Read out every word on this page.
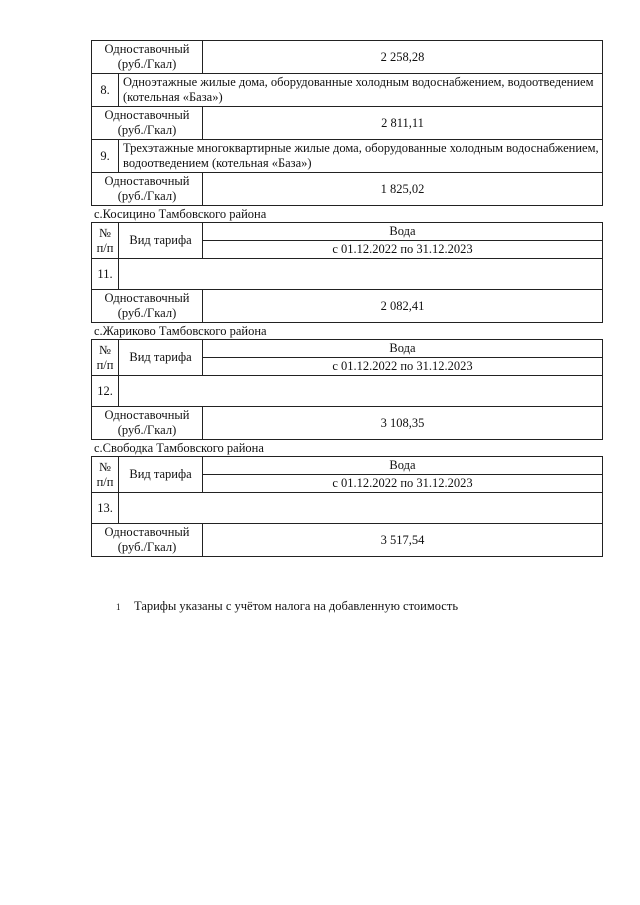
Одноставочный
(руб./Гкал)		2 258,28
8.	Одноэтажные жилые дома, оборудованные холодным водоснабжением, водоотведением (котельная «База»)	
Одноставочный
(руб./Гкал)		2 811,11
9.	Трехэтажные многоквартирные жилые дома, оборудованные холодным водоснабжением, водоотведением (котельная «База»)	
Одноставочный
(руб./Гкал)		1 825,02
с.Косицино Тамбовского района
№
п/п	Вид тарифа	Вода
		с 01.12.2022 по 31.12.2023
11.		
Одноставочный
(руб./Гкал)		2 082,41
с.Жариково Тамбовского района
№
п/п	Вид тарифа	Вода
		с 01.12.2022 по 31.12.2023
12.		
Одноставочный
(руб./Гкал)		3 108,35
с.Свободка Тамбовского района
№
п/п	Вид тарифа	Вода
		с 01.12.2022 по 31.12.2023
13.		
Одноставочный
(руб./Гкал)		3 517,54
1 Тарифы указаны с учётом налога на добавленную стоимость
